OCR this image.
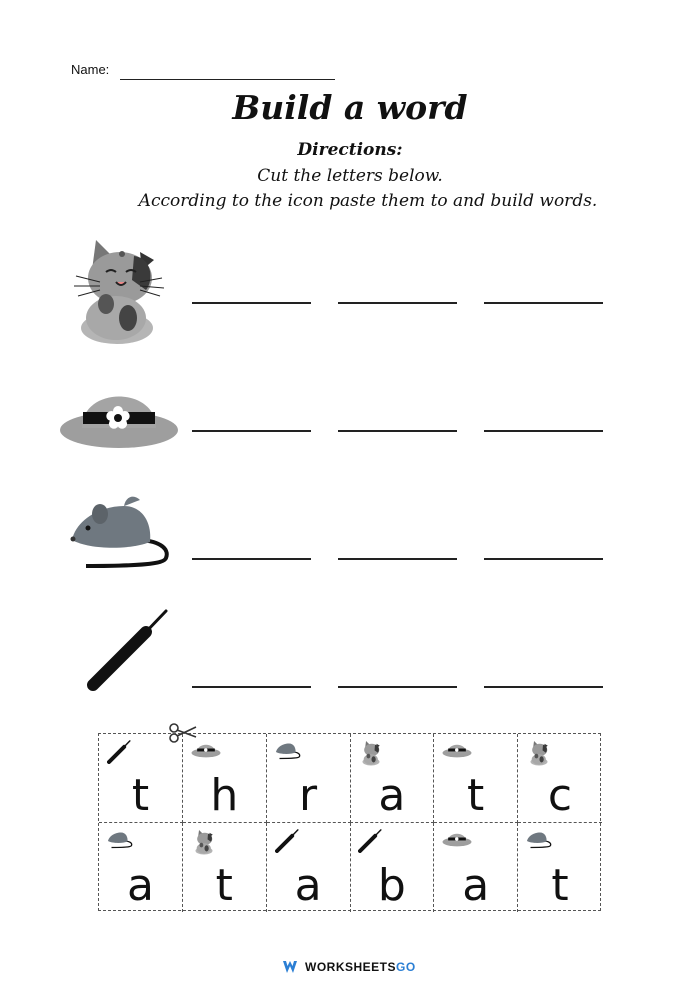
Name:
Build a word
Directions:
Cut the letters below.
According to the icon paste them to and build words.
t	h	r	a	t	c
a	t	a	b	a	t
WORKSHEETS GO
